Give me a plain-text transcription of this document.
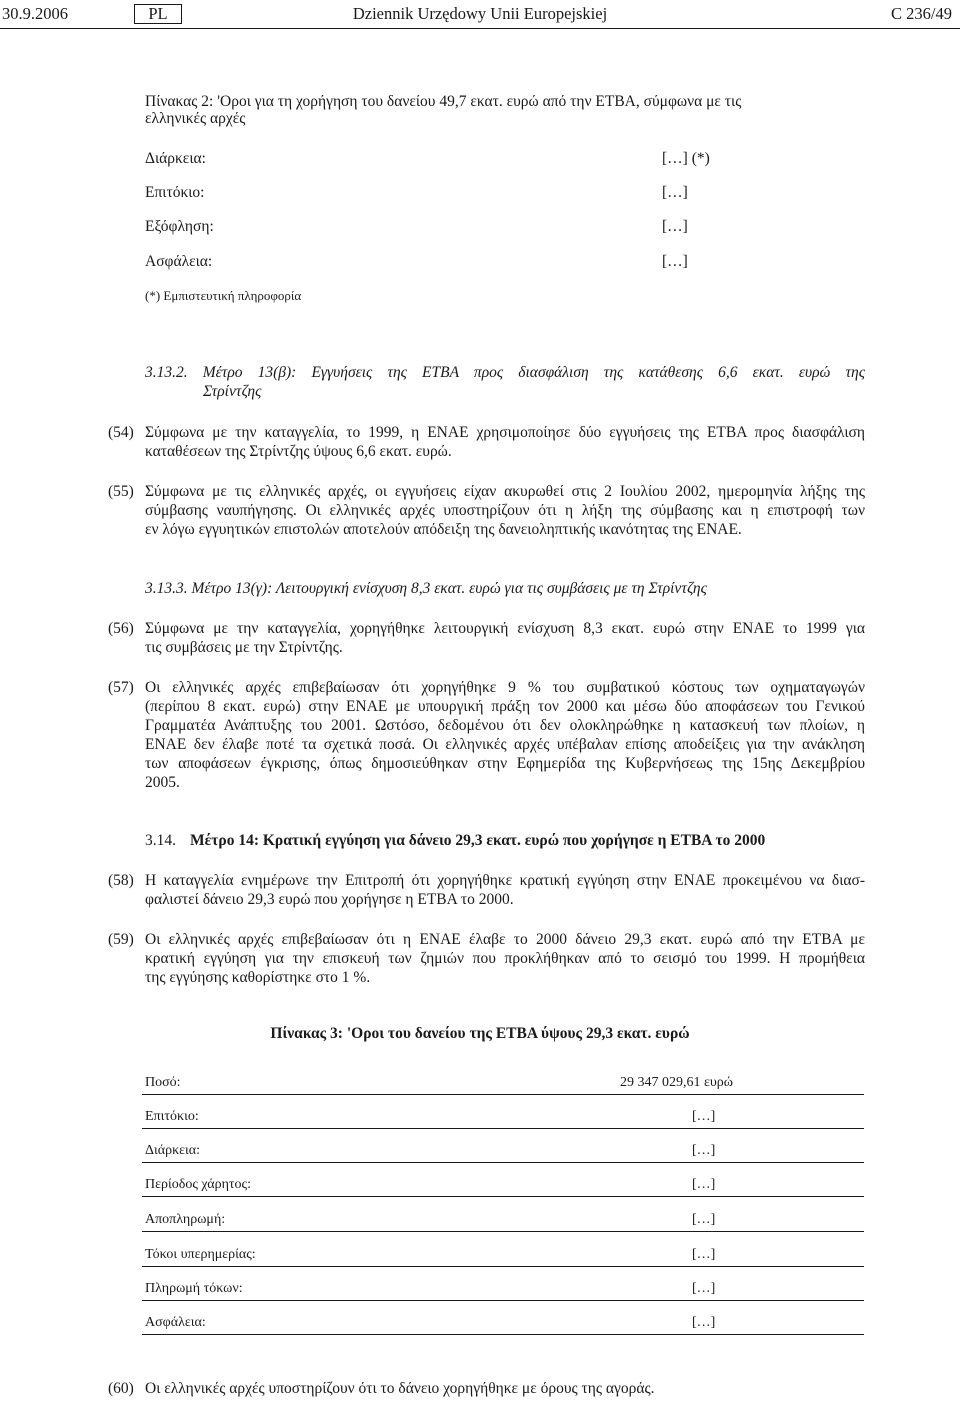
Dziennik Urzędowy Unii Europejskiej
30.9.2006	PL	C 236/49
Πίνακας 2: 'Οροι για τη χορήγηση του δανείου 49,7 εκατ. ευρώ από την ΕΤΒΑ, σύμφωνα με τις
ελληνικές αρχές
Διάρκεια:	[…] (*)
Επιτόκιο:	[…]
Εξόφληση:	[…]
Ασφάλεια:	[…]
(*) Εμπιστευτική πληροφορία
3.13.2. Μέτρο 13(β): Εγγυήσεις της ΕΤΒΑ προς διασφάλιση της κατάθεσης 6,6 εκατ. ευρώ της
Στρίντζης
(54) Σύμφωνα με την καταγγελία, το 1999, η ΕΝΑΕ χρησιμοποίησε δύο εγγυήσεις της ΕΤΒΑ προς διασφάλιση
καταθέσεων της Στρίντζης ύψους 6,6 εκατ. ευρώ.
(55) Σύμφωνα με τις ελληνικές αρχές, οι εγγυήσεις είχαν ακυρωθεί στις 2 Ιουλίου 2002, ημερομηνία λήξης της
σύμβασης ναυπήγησης. Οι ελληνικές αρχές υποστηρίζουν ότι η λήξη της σύμβασης και η επιστροφή των
εν λόγω εγγυητικών επιστολών αποτελούν απόδειξη της δανειοληπτικής ικανότητας της ΕΝΑΕ.
3.13.3. Μέτρο 13(γ): Λειτουργική ενίσχυση 8,3 εκατ. ευρώ για τις συμβάσεις με τη Στρίντζης
(56) Σύμφωνα με την καταγγελία, χορηγήθηκε λειτουργική ενίσχυση 8,3 εκατ. ευρώ στην ΕΝΑΕ το 1999 για
τις συμβάσεις με την Στρίντζης.
(57) Οι ελληνικές αρχές επιβεβαίωσαν ότι χορηγήθηκε 9 % του συμβατικού κόστους των οχηματαγωγών
(περίπου 8 εκατ. ευρώ) στην ΕΝΑΕ με υπουργική πράξη τον 2000 και μέσω δύο αποφάσεων του Γενικού
Γραμματέα Ανάπτυξης του 2001. Ωστόσο, δεδομένου ότι δεν ολοκληρώθηκε η κατασκευή των πλοίων, η
ΕΝΑΕ δεν έλαβε ποτέ τα σχετικά ποσά. Οι ελληνικές αρχές υπέβαλαν επίσης αποδείξεις για την ανάκληση
των αποφάσεων έγκρισης, όπως δημοσιεύθηκαν στην Εφημερίδα της Κυβερνήσεως της 15ης Δεκεμβρίου
2005.
3.14. Μέτρο 14: Κρατική εγγύηση για δάνειο 29,3 εκατ. ευρώ που χορήγησε η ΕΤΒΑ το 2000
(58) Η καταγγελία ενημέρωνε την Επιτροπή ότι χορηγήθηκε κρατική εγγύηση στην ΕΝΑΕ προκειμένου να διασ-
φαλιστεί δάνειο 29,3 ευρώ που χορήγησε η ΕΤΒΑ το 2000.
(59) Οι ελληνικές αρχές επιβεβαίωσαν ότι η ΕΝΑΕ έλαβε το 2000 δάνειο 29,3 εκατ. ευρώ από την ΕΤΒΑ με
κρατική εγγύηση για την επισκευή των ζημιών που προκλήθηκαν από το σεισμό του 1999. Η προμήθεια
της εγγύησης καθορίστηκε στο 1 %.
Πίνακας 3: 'Οροι του δανείου της ΕΤΒΑ ύψους 29,3 εκατ. ευρώ
Ποσό:	29 347 029,61 ευρώ
Επιτόκιο:	[…]
Διάρκεια:	[…]
Περίοδος χάρητος:	[…]
Αποπληρωμή:	[…]
Τόκοι υπερημερίας:	[…]
Πληρωμή τόκων:	[…]
Ασφάλεια:	[…]
(60) Οι ελληνικές αρχές υποστηρίζουν ότι το δάνειο χορηγήθηκε με όρους της αγοράς.
